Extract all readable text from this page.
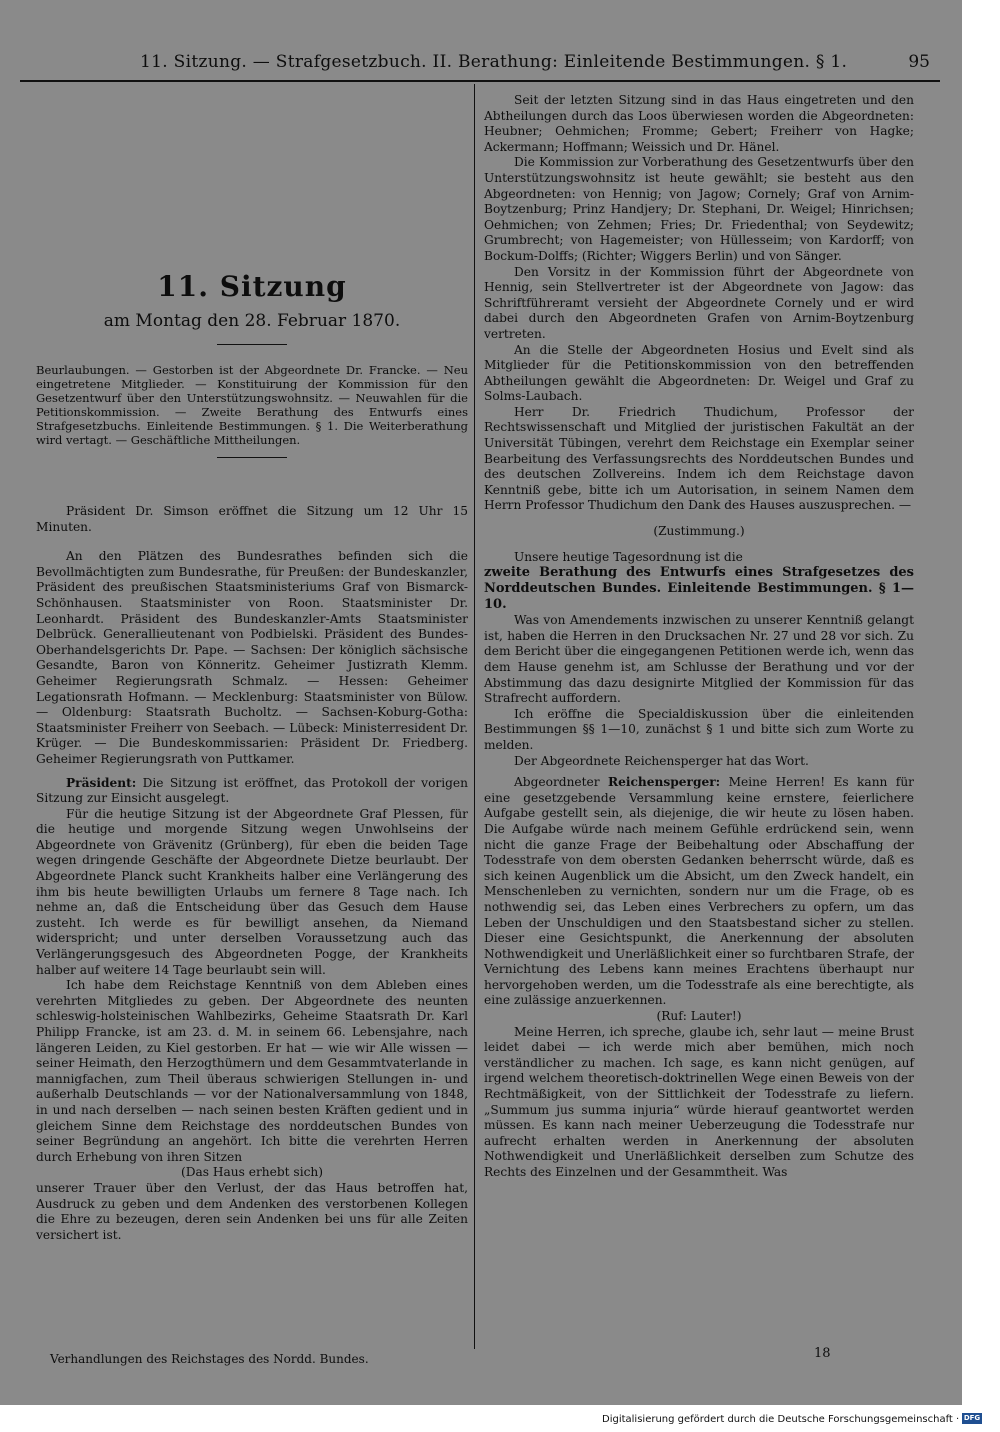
11. Sitzung. — Strafgesetzbuch. II. Berathung: Einleitende Bestimmungen. § 1.	95
11. Sitzung
am Montag den 28. Februar 1870.
Beurlaubungen. — Gestorben ist der Abgeordnete Dr. Francke. — Neu eingetretene Mitglieder. — Konstituirung der Kommission für den Gesetzentwurf über den Unterstützungswohnsitz. — Neuwahlen für die Petitionskommission. — Zweite Berathung des Entwurfs eines Strafgesetzbuchs. Einleitende Bestimmungen. § 1. Die Weiterberathung wird vertagt. — Geschäftliche Mittheilungen.

Präsident Dr. Simson eröffnet die Sitzung um 12 Uhr 15 Minuten.

An den Plätzen des Bundesrathes befinden sich die Bevollmächtigten zum Bundesrathe, für Preußen: der Bundeskanzler, Präsident des preußischen Staatsministeriums Graf von Bismarck-Schönhausen. Staatsminister von Roon. Staatsminister Dr. Leonhardt. Präsident des Bundeskanzler-Amts Staatsminister Delbrück. Generallieutenant von Podbielski. Präsident des Bundes-Oberhandelsgerichts Dr. Pape. — Sachsen: Der königlich sächsische Gesandte, Baron von Könneritz. Geheimer Justizrath Klemm. Geheimer Regierungsrath Schmalz. — Hessen: Geheimer Legationsrath Hofmann. — Mecklenburg: Staatsminister von Bülow. — Oldenburg: Staatsrath Bucholtz. — Sachsen-Koburg-Gotha: Staatsminister Freiherr von Seebach. — Lübeck: Ministerresident Dr. Krüger. — Die Bundeskommissarien: Präsident Dr. Friedberg. Geheimer Regierungsrath von Puttkamer.

Präsident: Die Sitzung ist eröffnet, das Protokoll der vorigen Sitzung zur Einsicht ausgelegt.

Für die heutige Sitzung ist der Abgeordnete Graf Plessen, für die heutige und morgende Sitzung wegen Unwohlseins der Abgeordnete von Grävenitz (Grünberg), für eben die beiden Tage wegen dringende Geschäfte der Abgeordnete Dietze beurlaubt. Der Abgeordnete Planck sucht Krankheits halber eine Verlängerung des ihm bis heute bewilligten Urlaubs um fernere 8 Tage nach. Ich nehme an, daß die Entscheidung über das Gesuch dem Hause zusteht. Ich werde es für bewilligt ansehen, da Niemand widerspricht; und unter derselben Voraussetzung auch das Verlängerungsgesuch des Abgeordneten Pogge, der Krankheits halber auf weitere 14 Tage beurlaubt sein will.

Ich habe dem Reichstage Kenntniß von dem Ableben eines verehrten Mitgliedes zu geben. Der Abgeordnete des neunten schleswig-holsteinischen Wahlbezirks, Geheime Staatsrath Dr. Karl Philipp Francke, ist am 23. d. M. in seinem 66. Lebensjahre, nach längeren Leiden, zu Kiel gestorben. Er hat — wie wir Alle wissen — seiner Heimath, den Herzogthümern und dem Gesammtvaterlande in mannigfachen, zum Theil überaus schwierigen Stellungen in- und außerhalb Deutschlands — vor der Nationalversammlung von 1848, in und nach derselben — nach seinen besten Kräften gedient und in gleichem Sinne dem Reichstage des norddeutschen Bundes von seiner Begründung an angehört. Ich bitte die verehrten Herren durch Erhebung von ihren Sitzen

(Das Haus erhebt sich)

unserer Trauer über den Verlust, der das Haus betroffen hat, Ausdruck zu geben und dem Andenken des verstorbenen Kollegen die Ehre zu bezeugen, deren sein Andenken bei uns für alle Zeiten versichert ist.

Seit der letzten Sitzung sind in das Haus eingetreten und den Abtheilungen durch das Loos überwiesen worden die Abgeordneten: Heubner; Oehmichen; Fromme; Gebert; Freiherr von Hagke; Ackermann; Hoffmann; Weissich und Dr. Hänel.

Die Kommission zur Vorberathung des Gesetzentwurfs über den Unterstützungswohnsitz ist heute gewählt; sie besteht aus den Abgeordneten: von Hennig; von Jagow; Cornely; Graf von Arnim-Boytzenburg; Prinz Handjery; Dr. Stephani, Dr. Weigel; Hinrichsen; Oehmichen; von Zehmen; Fries; Dr. Friedenthal; von Seydewitz; Grumbrecht; von Hagemeister; von Hüllesseim; von Kardorff; von Bockum-Dolffs; (Richter; Wiggers Berlin) und von Sänger.

Den Vorsitz in der Kommission führt der Abgeordnete von Hennig, sein Stellvertreter ist der Abgeordnete von Jagow: das Schriftführeramt versieht der Abgeordnete Cornely und er wird dabei durch den Abgeordneten Grafen von Arnim-Boytzenburg vertreten.

An die Stelle der Abgeordneten Hosius und Evelt sind als Mitglieder für die Petitionskommission von den betreffenden Abtheilungen gewählt die Abgeordneten: Dr. Weigel und Graf zu Solms-Laubach.

Herr Dr. Friedrich Thudichum, Professor der Rechtswissenschaft und Mitglied der juristischen Fakultät an der Universität Tübingen, verehrt dem Reichstage ein Exemplar seiner Bearbeitung des Verfassungsrechts des Norddeutschen Bundes und des deutschen Zollvereins. Indem ich dem Reichstage davon Kenntniß gebe, bitte ich um Autorisation, in seinem Namen dem Herrn Professor Thudichum den Dank des Hauses auszusprechen. —

(Zustimmung.)

Unsere heutige Tagesordnung ist die

zweite Berathung des Entwurfs eines Strafgesetzes des Norddeutschen Bundes. Einleitende Bestimmungen. § 1—10.

Was von Amendements inzwischen zu unserer Kenntniß gelangt ist, haben die Herren in den Drucksachen Nr. 27 und 28 vor sich. Zu dem Bericht über die eingegangenen Petitionen werde ich, wenn das dem Hause genehm ist, am Schlusse der Berathung und vor der Abstimmung das dazu designirte Mitglied der Kommission für das Strafrecht auffordern.

Ich eröffne die Specialdiskussion über die einleitenden Bestimmungen §§ 1—10, zunächst § 1 und bitte sich zum Worte zu melden.

Der Abgeordnete Reichensperger hat das Wort.

Abgeordneter Reichensperger: Meine Herren! Es kann für eine gesetzgebende Versammlung keine ernstere, feierlichere Aufgabe gestellt sein, als diejenige, die wir heute zu lösen haben. Die Aufgabe würde nach meinem Gefühle erdrückend sein, wenn nicht die ganze Frage der Beibehaltung oder Abschaffung der Todesstrafe von dem obersten Gedanken beherrscht würde, daß es sich keinen Augenblick um die Absicht, um den Zweck handelt, ein Menschenleben zu vernichten, sondern nur um die Frage, ob es nothwendig sei, das Leben eines Verbrechers zu opfern, um das Leben der Unschuldigen und den Staatsbestand sicher zu stellen. Dieser eine Gesichtspunkt, die Anerkennung der absoluten Nothwendigkeit und Unerläßlichkeit einer so furchtbaren Strafe, der Vernichtung des Lebens kann meines Erachtens überhaupt nur hervorgehoben werden, um die Todesstrafe als eine berechtigte, als eine zulässige anzuerkennen.

(Ruf: Lauter!)

Meine Herren, ich spreche, glaube ich, sehr laut — meine Brust leidet dabei — ich werde mich aber bemühen, mich noch verständlicher zu machen. Ich sage, es kann nicht genügen, auf irgend welchem theoretisch-doktrinellen Wege einen Beweis von der Rechtmäßigkeit, von der Sittlichkeit der Todesstrafe zu liefern. „Summum jus summa injuria“ würde hierauf geantwortet werden müssen. Es kann nach meiner Ueberzeugung die Todesstrafe nur aufrecht erhalten werden in Anerkennung der absoluten Nothwendigkeit und Unerläßlichkeit derselben zum Schutze des Rechts des Einzelnen und der Gesammtheit. Was

Verhandlungen des Reichstages des Nordd. Bundes.	18
Digitalisierung gefördert durch die Deutsche Forschungsgemeinschaft · DFG
